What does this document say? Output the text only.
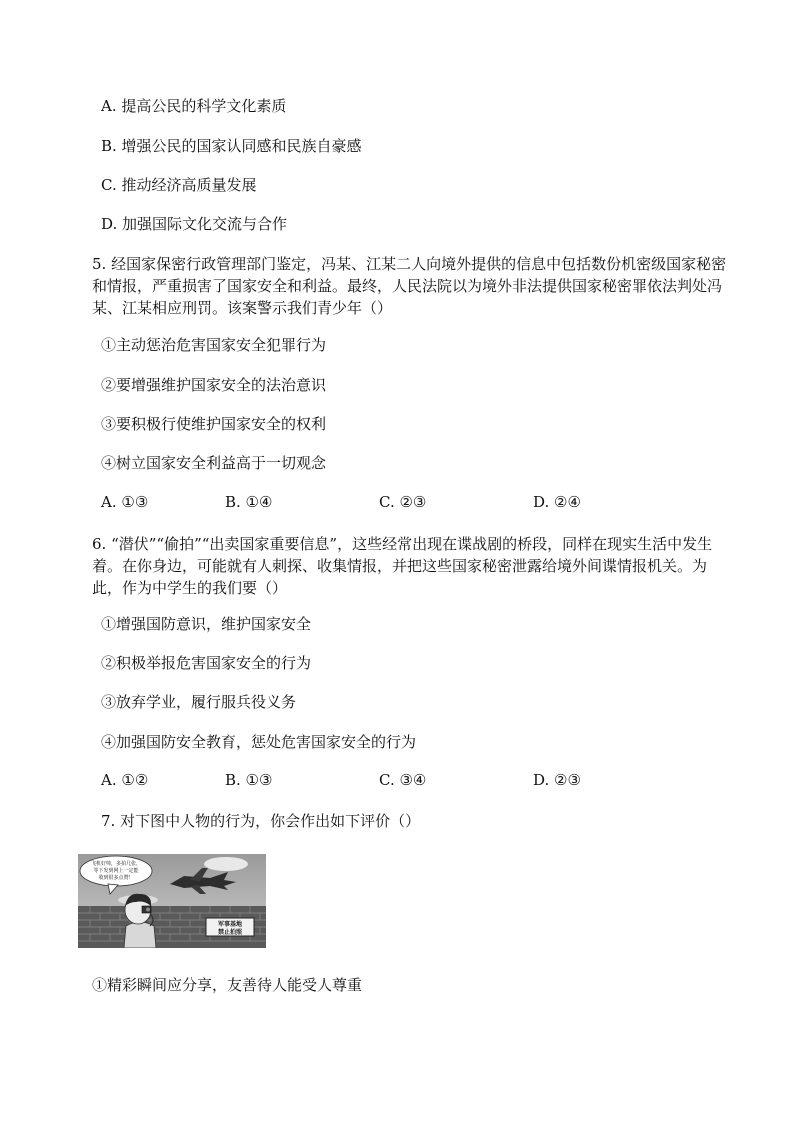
A. 提高公民的科学文化素质
B. 增强公民的国家认同感和民族自豪感
C. 推动经济高质量发展
D. 加强国际文化交流与合作
5. 经国家保密行政管理部门鉴定，冯某、江某二人向境外提供的信息中包括数份机密级国家秘密和情报，严重损害了国家安全和利益。最终，人民法院以为境外非法提供国家秘密罪依法判处冯某、江某相应刑罚。该案警示我们青少年（）
①主动惩治危害国家安全犯罪行为
②要增强维护国家安全的法治意识
③要积极行使维护国家安全的权利
④树立国家安全利益高于一切观念
A. ①③	B. ①④	C. ②③	D. ②④
6. “潜伏”“偷拍”“出卖国家重要信息”，这些经常出现在谍战剧的桥段，同样在现实生活中发生着。在你身边，可能就有人刺探、收集情报，并把这些国家秘密泄露给境外间谍情报机关。为此，作为中学生的我们要（）
①增强国防意识，维护国家安全
②积极举报危害国家安全的行为
③放弃学业，履行服兵役义务
④加强国防安全教育，惩处危害国家安全的行为
A. ①②	B. ①③	C. ③④	D. ②③
7. 对下图中人物的行为，你会作出如下评价（）
军事基地
禁止拍照
飞机好帅，多拍几张，
等下发到网上一定能
收到很多点赞！
①精彩瞬间应分享，友善待人能受人尊重
